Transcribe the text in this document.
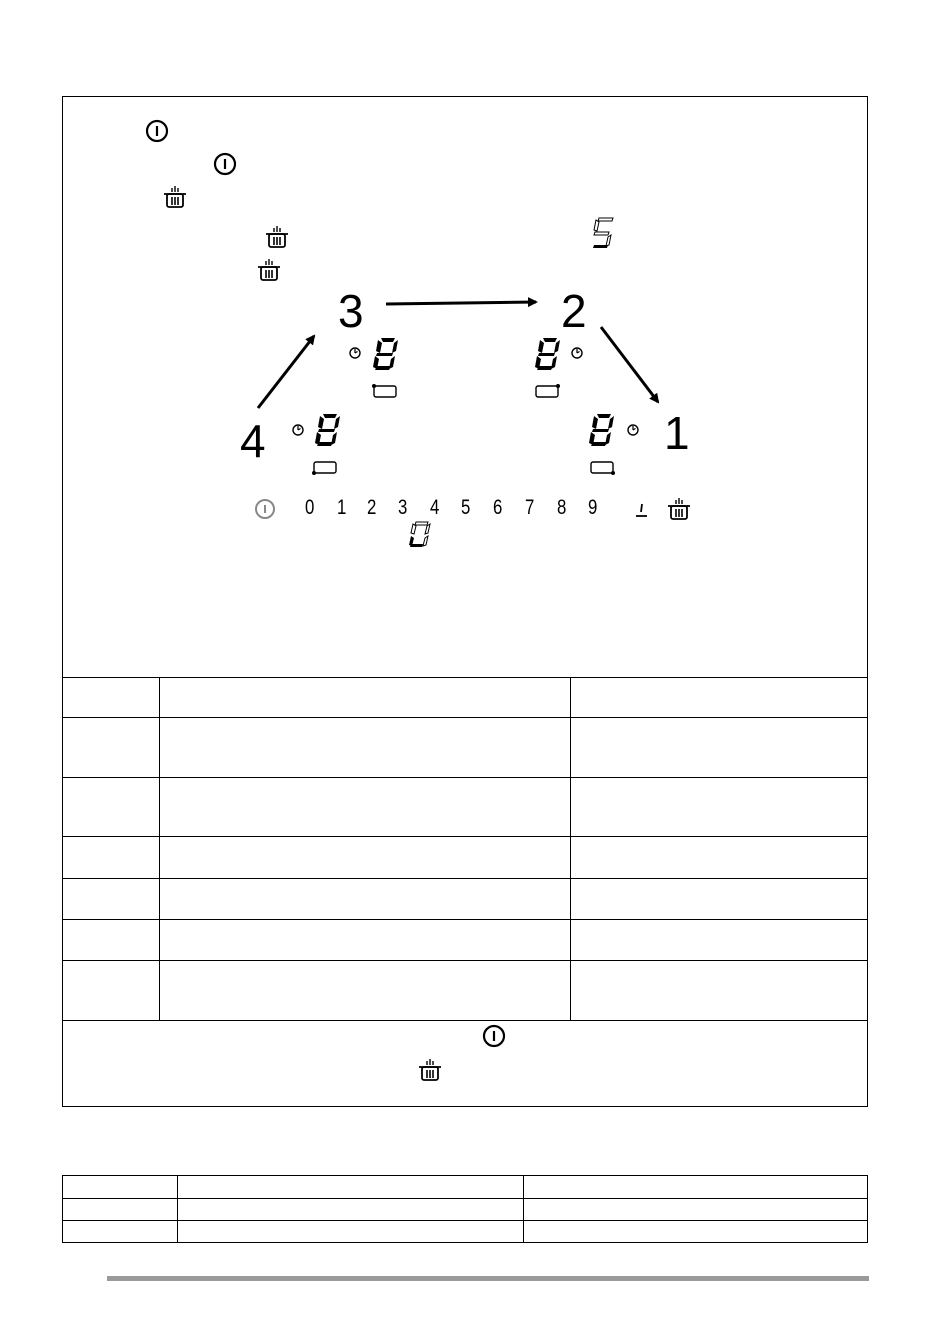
3	2
4	1
0 1 2 3 4 5 6 7 8 9
